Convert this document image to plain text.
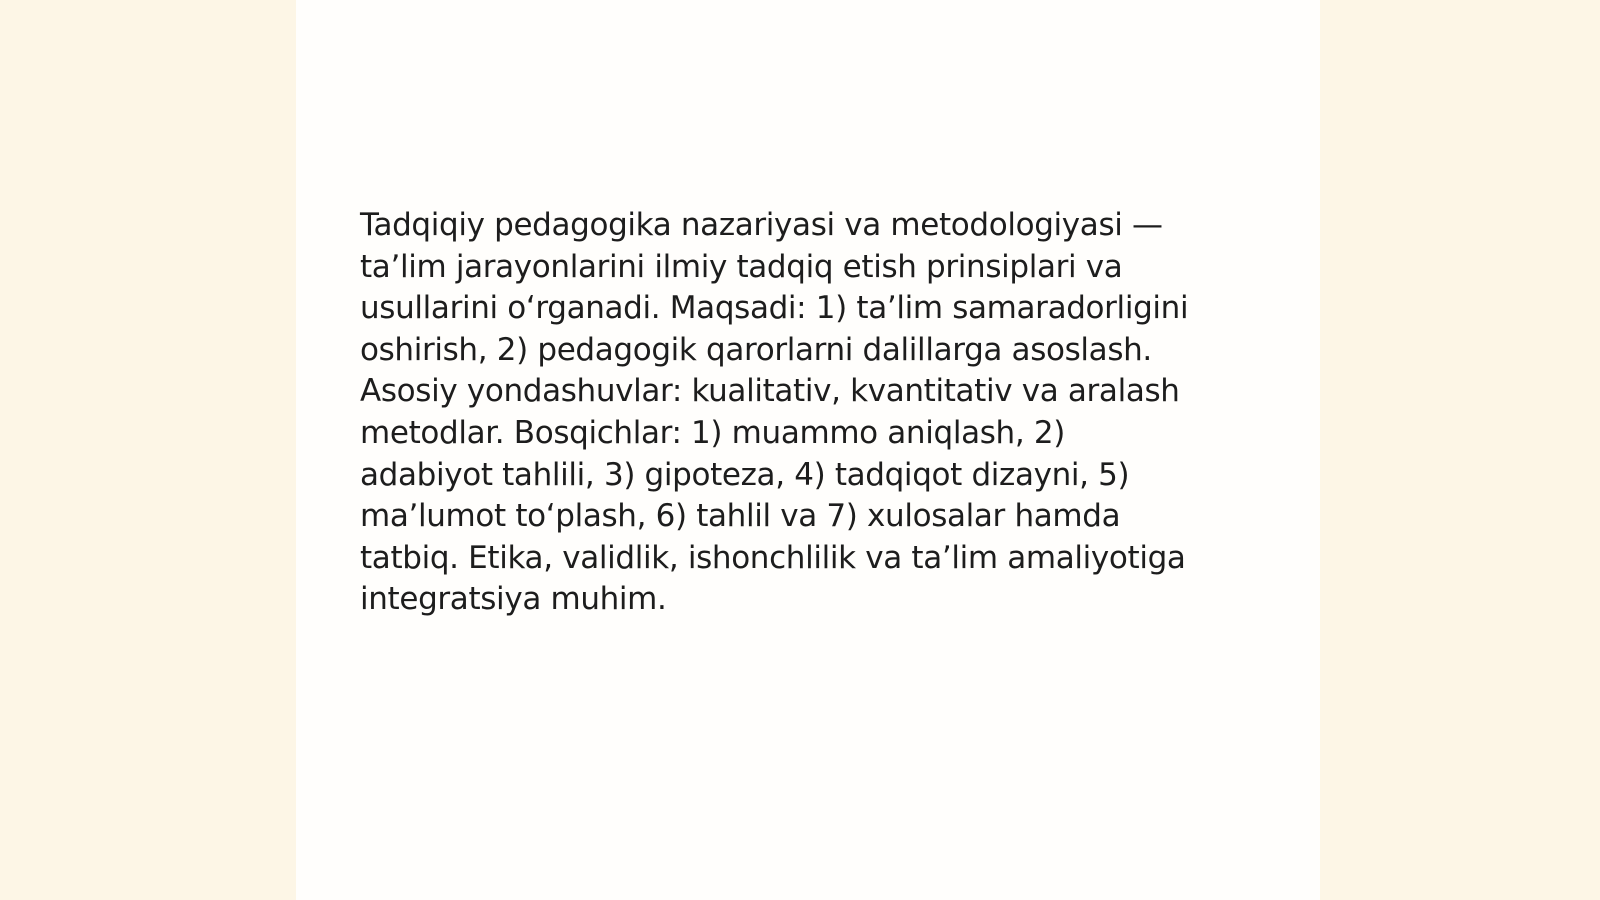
Tadqiqiy pedagogika nazariyasi va metodologiyasi —
ta’lim jarayonlarini ilmiy tadqiq etish prinsiplari va
usullarini o‘rganadi. Maqsadi: 1) ta’lim samaradorligini
oshirish, 2) pedagogik qarorlarni dalillarga asoslash.
Asosiy yondashuvlar: kualitativ, kvantitativ va aralash
metodlar. Bosqichlar: 1) muammo aniqlash, 2)
adabiyot tahlili, 3) gipoteza, 4) tadqiqot dizayni, 5)
ma’lumot to‘plash, 6) tahlil va 7) xulosalar hamda
tatbiq. Etika, validlik, ishonchlilik va ta’lim amaliyotiga
integratsiya muhim.
